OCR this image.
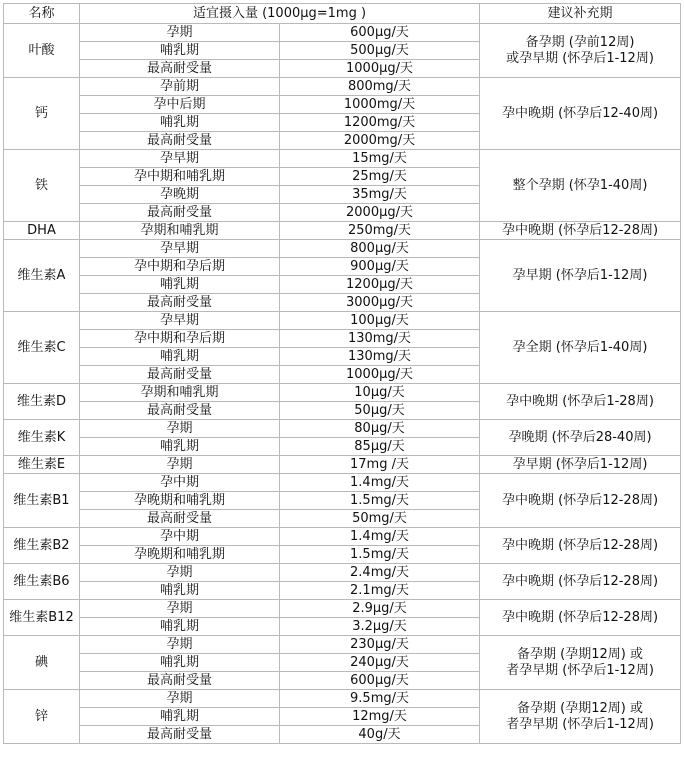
名称	适宜摄入量 (1000μg=1mg )		建议补充期
叶酸	孕期	600μg/天	备孕期 (孕前12周)
或孕早期 (怀孕后1-12周)

	哺乳期	500μg/天	
	最高耐受量	1000μg/天	
钙	孕前期	800mg/天	孕中晚期 (怀孕后12-40周)

	孕中后期	1000mg/天	
	哺乳期	1200mg/天	
	最高耐受量	2000mg/天	
铁	孕早期	15mg/天	整个孕期 (怀孕1-40周)

	孕中期和哺乳期	25mg/天	
	孕晚期	35mg/天	
	最高耐受量	2000μg/天	
DHA	孕期和哺乳期	250mg/天	孕中晚期 (怀孕后12-28周)

维生素A	孕早期	800μg/天	孕早期 (怀孕后1-12周)

	孕中期和孕后期	900μg/天	
	哺乳期	1200μg/天	
	最高耐受量	3000μg/天	
维生素C	孕早期	100μg/天	孕全期 (怀孕后1-40周)

	孕中期和孕后期	130mg/天	
	哺乳期	130mg/天	
	最高耐受量	1000μg/天	
维生素D	孕期和哺乳期	10μg/天	孕中晚期 (怀孕后1-28周)

	最高耐受量	50μg/天	
维生素K	孕期	80μg/天	孕晚期 (怀孕后28-40周)

	哺乳期	85μg/天	
维生素E	孕期	17mg /天	孕早期 (怀孕后1-12周)

维生素B1	孕中期	1.4mg/天	孕中晚期 (怀孕后12-28周)

	孕晚期和哺乳期	1.5mg/天	
	最高耐受量	50mg/天	
维生素B2	孕中期	1.4mg/天	孕中晚期 (怀孕后12-28周)

	孕晚期和哺乳期	1.5mg/天	
维生素B6	孕期	2.4mg/天	孕中晚期 (怀孕后12-28周)

	哺乳期	2.1mg/天	
维生素B12	孕期	2.9μg/天	孕中晚期 (怀孕后12-28周)

	哺乳期	3.2μg/天	
碘	孕期	230μg/天	备孕期 (孕期12周) 或
者孕早期 (怀孕后1-12周)

	哺乳期	240μg/天	
	最高耐受量	600μg/天	
锌	孕期	9.5mg/天	备孕期 (孕期12周) 或
者孕早期 (怀孕后1-12周)

	哺乳期	12mg/天	
	最高耐受量	40g/天	
